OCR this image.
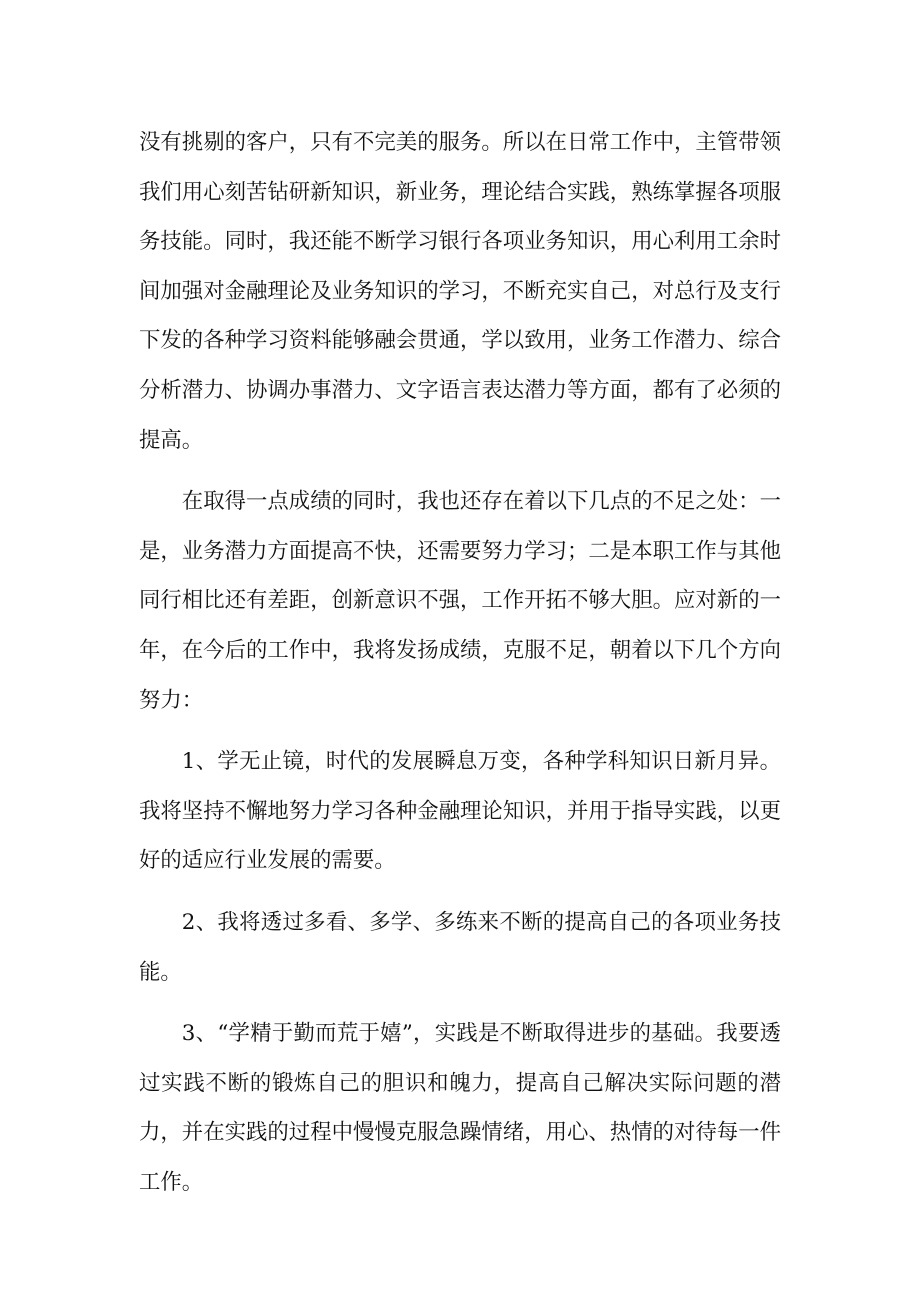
没有挑剔的客户，只有不完美的服务。所以在日常工作中，主管带领我们用心刻苦钻研新知识，新业务，理论结合实践，熟练掌握各项服务技能。同时，我还能不断学习银行各项业务知识，用心利用工余时间加强对金融理论及业务知识的学习，不断充实自己，对总行及支行下发的各种学习资料能够融会贯通，学以致用，业务工作潜力、综合分析潜力、协调办事潜力、文字语言表达潜力等方面，都有了必须的提高。

在取得一点成绩的同时，我也还存在着以下几点的不足之处：一是，业务潜力方面提高不快，还需要努力学习；二是本职工作与其他同行相比还有差距，创新意识不强，工作开拓不够大胆。应对新的一年，在今后的工作中，我将发扬成绩，克服不足，朝着以下几个方向努力：

1、学无止镜，时代的发展瞬息万变，各种学科知识日新月异。我将坚持不懈地努力学习各种金融理论知识，并用于指导实践，以更好的适应行业发展的需要。

2、我将透过多看、多学、多练来不断的提高自己的各项业务技能。

3、“学精于勤而荒于嬉”，实践是不断取得进步的基础。我要透过实践不断的锻炼自己的胆识和魄力，提高自己解决实际问题的潜力，并在实践的过程中慢慢克服急躁情绪，用心、热情的对待每一件工作。
